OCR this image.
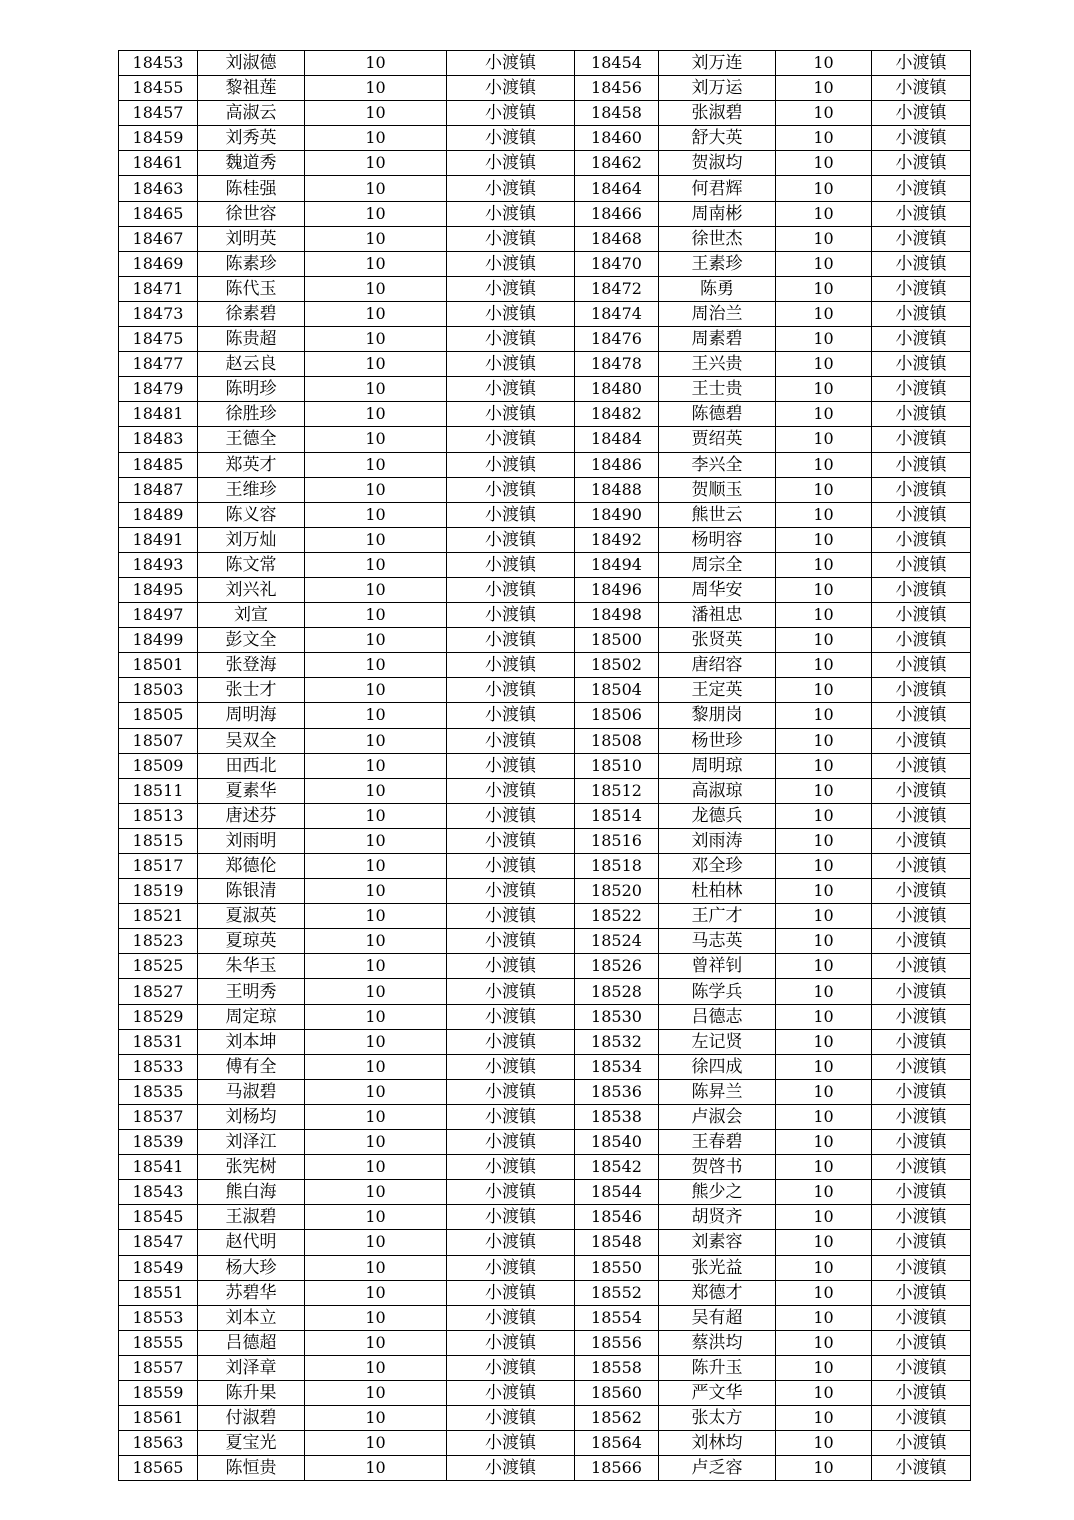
18453	刘淑德	10	小渡镇	18454	刘万连	10	小渡镇
18455	黎祖莲	10	小渡镇	18456	刘万运	10	小渡镇
18457	高淑云	10	小渡镇	18458	张淑碧	10	小渡镇
18459	刘秀英	10	小渡镇	18460	舒大英	10	小渡镇
18461	魏道秀	10	小渡镇	18462	贺淑均	10	小渡镇
18463	陈桂强	10	小渡镇	18464	何君辉	10	小渡镇
18465	徐世容	10	小渡镇	18466	周南彬	10	小渡镇
18467	刘明英	10	小渡镇	18468	徐世杰	10	小渡镇
18469	陈素珍	10	小渡镇	18470	王素珍	10	小渡镇
18471	陈代玉	10	小渡镇	18472	陈勇	10	小渡镇
18473	徐素碧	10	小渡镇	18474	周治兰	10	小渡镇
18475	陈贵超	10	小渡镇	18476	周素碧	10	小渡镇
18477	赵云良	10	小渡镇	18478	王兴贵	10	小渡镇
18479	陈明珍	10	小渡镇	18480	王士贵	10	小渡镇
18481	徐胜珍	10	小渡镇	18482	陈德碧	10	小渡镇
18483	王德全	10	小渡镇	18484	贾绍英	10	小渡镇
18485	郑英才	10	小渡镇	18486	李兴全	10	小渡镇
18487	王维珍	10	小渡镇	18488	贺顺玉	10	小渡镇
18489	陈义容	10	小渡镇	18490	熊世云	10	小渡镇
18491	刘万灿	10	小渡镇	18492	杨明容	10	小渡镇
18493	陈文常	10	小渡镇	18494	周宗全	10	小渡镇
18495	刘兴礼	10	小渡镇	18496	周华安	10	小渡镇
18497	刘宣	10	小渡镇	18498	潘祖忠	10	小渡镇
18499	彭文全	10	小渡镇	18500	张贤英	10	小渡镇
18501	张登海	10	小渡镇	18502	唐绍容	10	小渡镇
18503	张士才	10	小渡镇	18504	王定英	10	小渡镇
18505	周明海	10	小渡镇	18506	黎朋岗	10	小渡镇
18507	吴双全	10	小渡镇	18508	杨世珍	10	小渡镇
18509	田西北	10	小渡镇	18510	周明琼	10	小渡镇
18511	夏素华	10	小渡镇	18512	高淑琼	10	小渡镇
18513	唐述芬	10	小渡镇	18514	龙德兵	10	小渡镇
18515	刘雨明	10	小渡镇	18516	刘雨涛	10	小渡镇
18517	郑德伦	10	小渡镇	18518	邓全珍	10	小渡镇
18519	陈银清	10	小渡镇	18520	杜柏林	10	小渡镇
18521	夏淑英	10	小渡镇	18522	王广才	10	小渡镇
18523	夏琼英	10	小渡镇	18524	马志英	10	小渡镇
18525	朱华玉	10	小渡镇	18526	曾祥钊	10	小渡镇
18527	王明秀	10	小渡镇	18528	陈学兵	10	小渡镇
18529	周定琼	10	小渡镇	18530	吕德志	10	小渡镇
18531	刘本坤	10	小渡镇	18532	左记贤	10	小渡镇
18533	傅有全	10	小渡镇	18534	徐四成	10	小渡镇
18535	马淑碧	10	小渡镇	18536	陈昇兰	10	小渡镇
18537	刘杨均	10	小渡镇	18538	卢淑会	10	小渡镇
18539	刘泽江	10	小渡镇	18540	王春碧	10	小渡镇
18541	张宪树	10	小渡镇	18542	贺啓书	10	小渡镇
18543	熊白海	10	小渡镇	18544	熊少之	10	小渡镇
18545	王淑碧	10	小渡镇	18546	胡贤齐	10	小渡镇
18547	赵代明	10	小渡镇	18548	刘素容	10	小渡镇
18549	杨大珍	10	小渡镇	18550	张光益	10	小渡镇
18551	苏碧华	10	小渡镇	18552	郑德才	10	小渡镇
18553	刘本立	10	小渡镇	18554	吴有超	10	小渡镇
18555	吕德超	10	小渡镇	18556	蔡洪均	10	小渡镇
18557	刘泽章	10	小渡镇	18558	陈升玉	10	小渡镇
18559	陈升果	10	小渡镇	18560	严文华	10	小渡镇
18561	付淑碧	10	小渡镇	18562	张太方	10	小渡镇
18563	夏宝光	10	小渡镇	18564	刘林均	10	小渡镇
18565	陈恒贵	10	小渡镇	18566	卢乏容	10	小渡镇
